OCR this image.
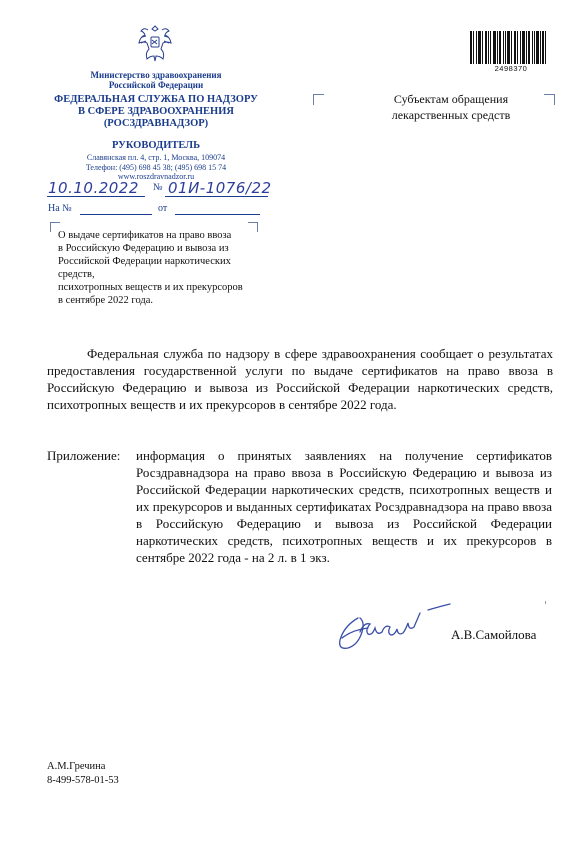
Министерство здравоохранения
Российской Федерации
ФЕДЕРАЛЬНАЯ СЛУЖБА ПО НАДЗОРУ
В СФЕРЕ ЗДРАВООХРАНЕНИЯ
(РОСЗДРАВНАДЗОР)
РУКОВОДИТЕЛЬ
Славянская пл. 4, стр. 1, Москва, 109074
Телефон: (495) 698 45 38; (495) 698 15 74
www.roszdravnadzor.ru
10.10.2022 № 01И-1076/22
На №	от
О выдаче сертификатов на право ввоза
в Российскую Федерацию и вывоза из
Российской Федерации наркотических средств,
психотропных веществ и их прекурсоров
в сентябре 2022 года.
Субъектам обращения
лекарственных средств
2498370
Федеральная служба по надзору в сфере здравоохранения сообщает о результатах предоставления государственной услуги по выдаче сертификатов на право ввоза в Российскую Федерацию и вывоза из Российской Федерации наркотических средств, психотропных веществ и их прекурсоров в сентябре 2022 года.
Приложение: информация о принятых заявлениях на получение сертификатов Росздравнадзора на право ввоза в Российскую Федерацию и вывоза из Российской Федерации наркотических средств, психотропных веществ и их прекурсоров и выданных сертификатах Росздравнадзора на право ввоза в Российскую Федерацию и вывоза из Российской Федерации наркотических средств, психотропных веществ и их прекурсоров в сентябре 2022 года - на 2 л. в 1 экз.
А.В.Самойлова
А.М.Гречина
8-499-578-01-53
